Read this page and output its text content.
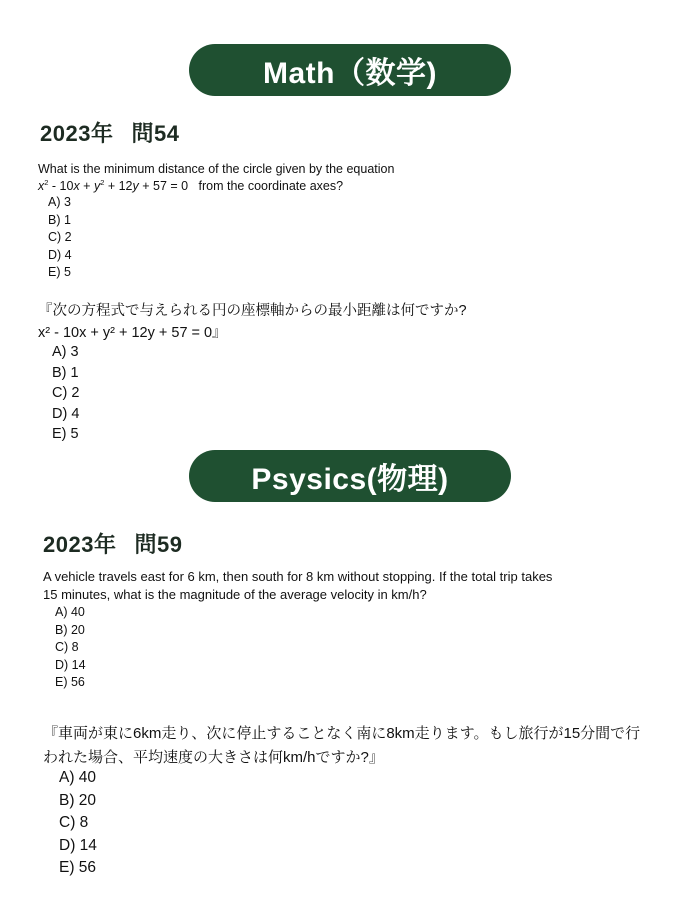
Math（数学)
2023年 問54
What is the minimum distance of the circle given by the equation
$x^2 - 10x + y^2 + 12y + 57 = 0$   from the coordinate axes?
A) 3
B) 1
C) 2
D) 4
E) 5
『次の方程式で与えられる円の座標軸からの最小距離は何ですか?
x² - 10x + y² + 12y + 57 = 0』
A) 3
B) 1
C) 2
D) 4
E) 5
Psysics(物理)
2023年 問59
A vehicle travels east for 6 km, then south for 8 km without stopping. If the total trip takes
15 minutes, what is the magnitude of the average velocity in km/h?
A) 40
B) 20
C) 8
D) 14
E) 56
『車両が東に6km走り、次に停止することなく南に8km走ります。もし旅行が15分間で行
われた場合、平均速度の大きさは何km/hですか?』
A) 40
B) 20
C) 8
D) 14
E) 56
